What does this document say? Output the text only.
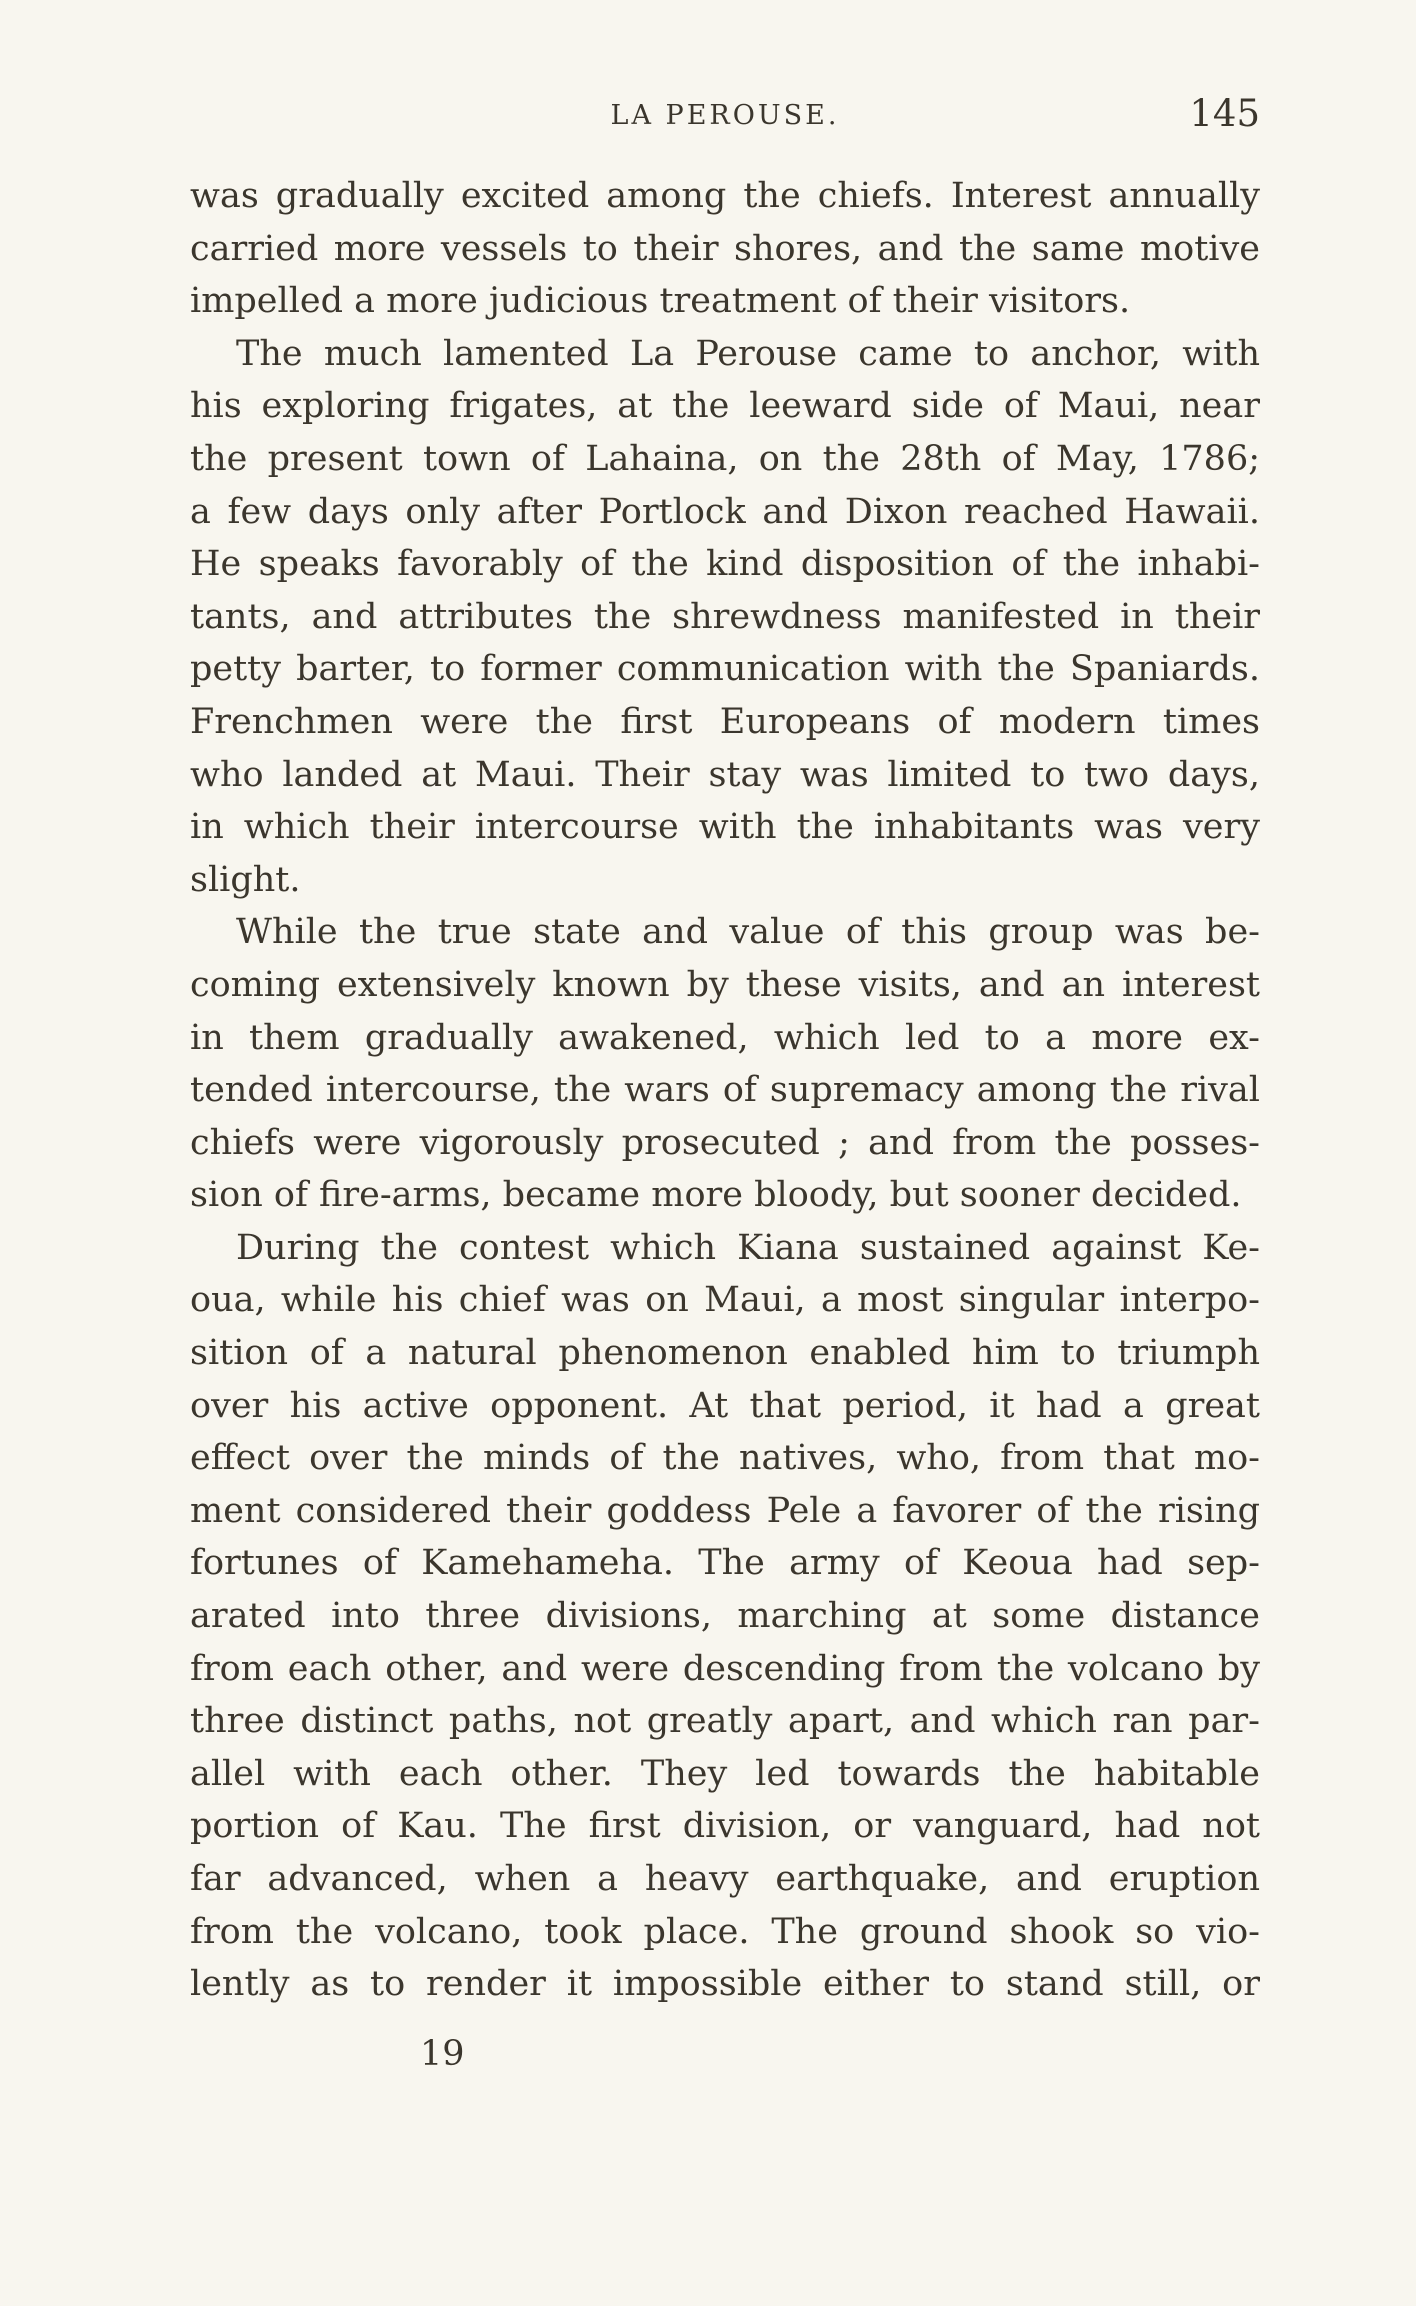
LA PEROUSE.	145
was gradually excited among the chiefs. Interest annually
carried more vessels to their shores, and the same motive
impelled a more judicious treatment of their visitors.
The much lamented La Perouse came to anchor, with
his exploring frigates, at the leeward side of Maui, near
the present town of Lahaina, on the 28th of May, 1786;
a few days only after Portlock and Dixon reached Hawaii.
He speaks favorably of the kind disposition of the inhabi-
tants, and attributes the shrewdness manifested in their
petty barter, to former communication with the Spaniards.
Frenchmen were the first Europeans of modern times
who landed at Maui. Their stay was limited to two days,
in which their intercourse with the inhabitants was very
slight.
While the true state and value of this group was be-
coming extensively known by these visits, and an interest
in them gradually awakened, which led to a more ex-
tended intercourse, the wars of supremacy among the rival
chiefs were vigorously prosecuted ; and from the posses-
sion of fire-arms, became more bloody, but sooner decided.
During the contest which Kiana sustained against Ke-
oua, while his chief was on Maui, a most singular interpo-
sition of a natural phenomenon enabled him to triumph
over his active opponent. At that period, it had a great
effect over the minds of the natives, who, from that mo-
ment considered their goddess Pele a favorer of the rising
fortunes of Kamehameha. The army of Keoua had sep-
arated into three divisions, marching at some distance
from each other, and were descending from the volcano by
three distinct paths, not greatly apart, and which ran par-
allel with each other. They led towards the habitable
portion of Kau. The first division, or vanguard, had not
far advanced, when a heavy earthquake, and eruption
from the volcano, took place. The ground shook so vio-
lently as to render it impossible either to stand still, or
19
